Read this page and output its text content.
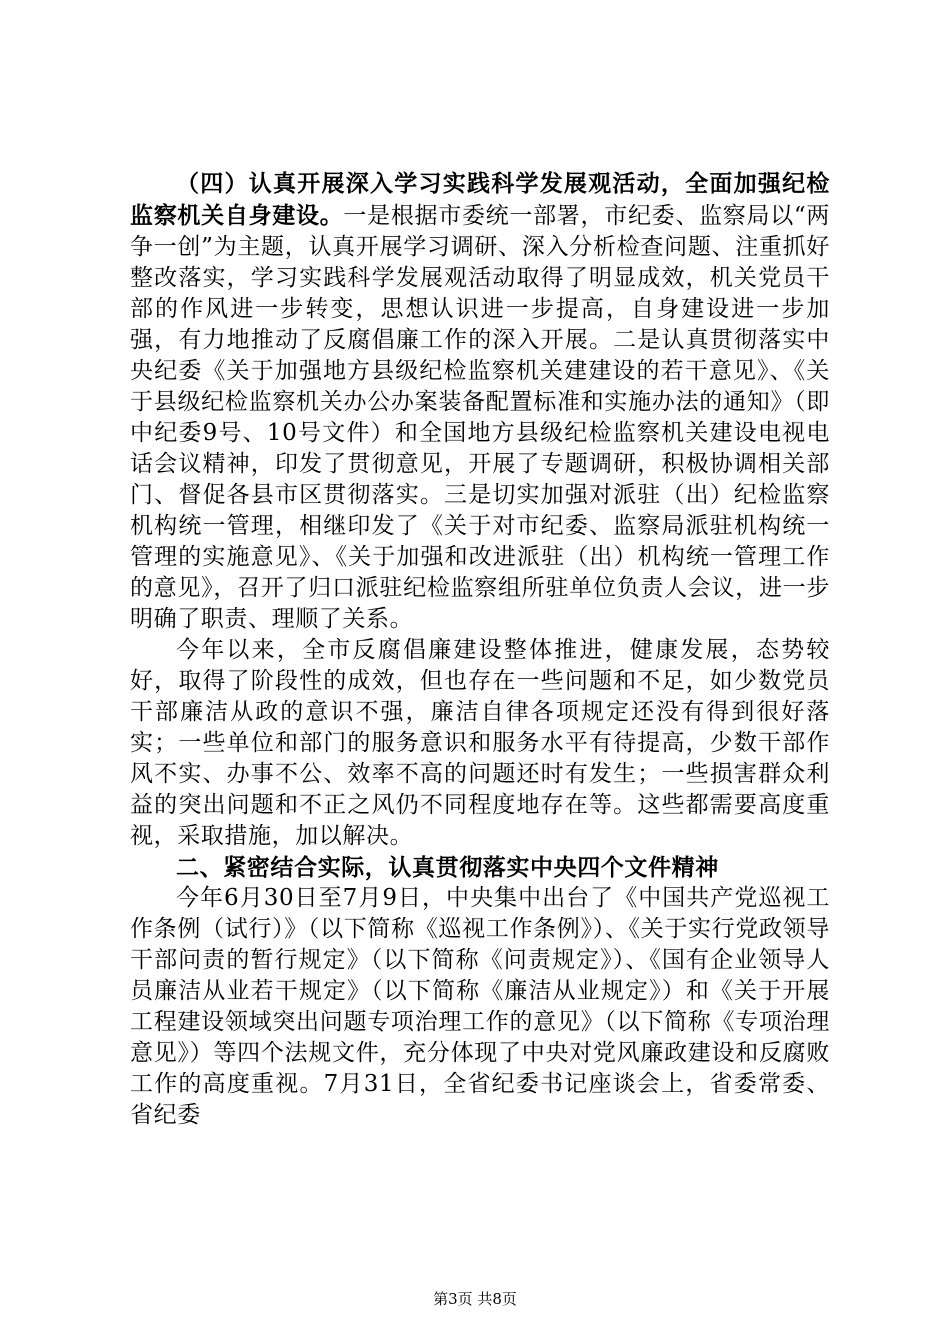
（四）认真开展深入学习实践科学发展观活动，全面加强纪检监察机关自身建设。一是根据市委统一部署，市纪委、监察局以“两争一创”为主题，认真开展学习调研、深入分析检查问题、注重抓好整改落实，学习实践科学发展观活动取得了明显成效，机关党员干部的作风进一步转变，思想认识进一步提高，自身建设进一步加强，有力地推动了反腐倡廉工作的深入开展。二是认真贯彻落实中央纪委《关于加强地方县级纪检监察机关建建设的若干意见》、《关于县级纪检监察机关办公办案装备配置标准和实施办法的通知》（即中纪委9号、10号文件）和全国地方县级纪检监察机关建设电视电话会议精神，印发了贯彻意见，开展了专题调研，积极协调相关部门、督促各县市区贯彻落实。三是切实加强对派驻（出）纪检监察机构统一管理，相继印发了《关于对市纪委、监察局派驻机构统一管理的实施意见》、《关于加强和改进派驻（出）机构统一管理工作的意见》，召开了归口派驻纪检监察组所驻单位负责人会议，进一步明确了职责、理顺了关系。

今年以来，全市反腐倡廉建设整体推进，健康发展，态势较好，取得了阶段性的成效，但也存在一些问题和不足，如少数党员干部廉洁从政的意识不强，廉洁自律各项规定还没有得到很好落实；一些单位和部门的服务意识和服务水平有待提高，少数干部作风不实、办事不公、效率不高的问题还时有发生；一些损害群众利益的突出问题和不正之风仍不同程度地存在等。这些都需要高度重视，采取措施，加以解决。

二、紧密结合实际，认真贯彻落实中央四个文件精神

今年6月30日至7月9日，中央集中出台了《中国共产党巡视工作条例（试行）》（以下简称《巡视工作条例》）、《关于实行党政领导干部问责的暂行规定》（以下简称《问责规定》）、《国有企业领导人员廉洁从业若干规定》（以下简称《廉洁从业规定》）和《关于开展工程建设领域突出问题专项治理工作的意见》（以下简称《专项治理意见》）等四个法规文件，充分体现了中央对党风廉政建设和反腐败工作的高度重视。7月31日，全省纪委书记座谈会上，省委常委、省纪委

第3页 共8页
